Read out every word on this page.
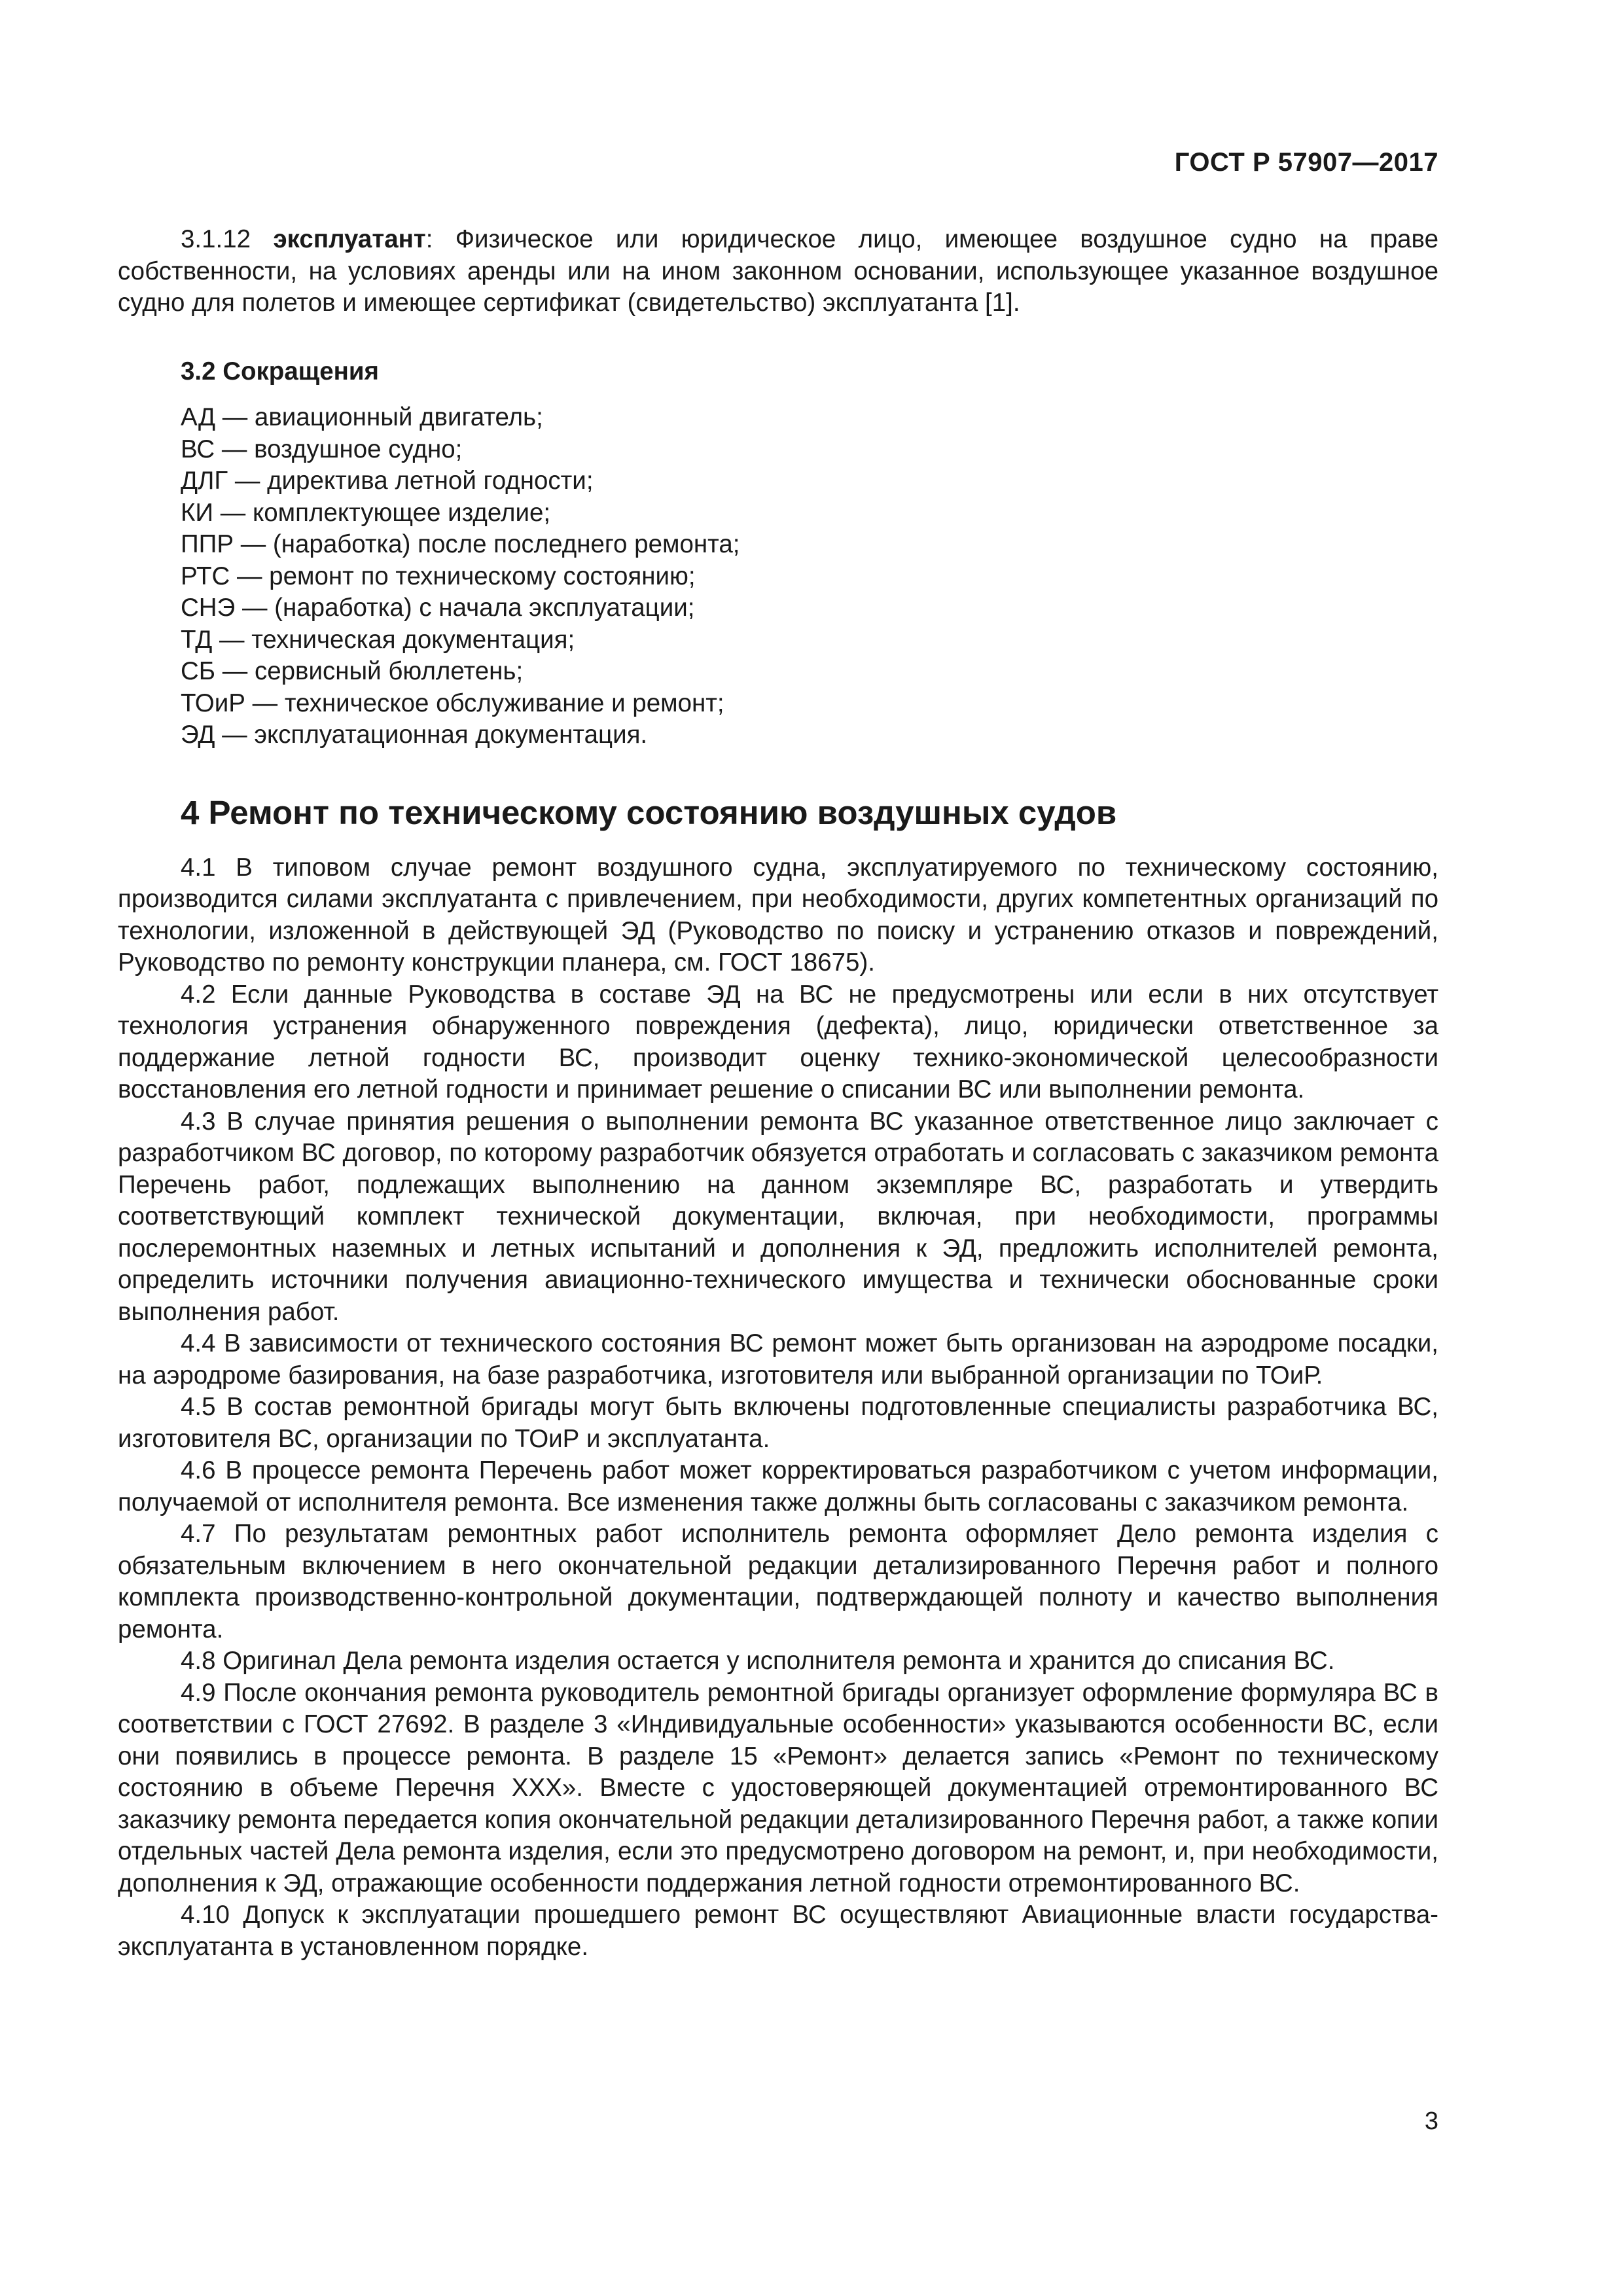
ГОСТ Р 57907—2017

3.1.12 эксплуатант: Физическое или юридическое лицо, имеющее воздушное судно на праве собственности, на условиях аренды или на ином законном основании, использующее указанное воздушное судно для полетов и имеющее сертификат (свидетельство) эксплуатанта [1].

3.2 Сокращения
АД — авиационный двигатель;
ВС — воздушное судно;
ДЛГ — директива летной годности;
КИ — комплектующее изделие;
ППР — (наработка) после последнего ремонта;
РТС — ремонт по техническому состоянию;
СНЭ — (наработка) с начала эксплуатации;
ТД — техническая документация;
СБ — сервисный бюллетень;
ТОиР — техническое обслуживание и ремонт;
ЭД — эксплуатационная документация.
4 Ремонт по техническому состоянию воздушных судов

4.1 В типовом случае ремонт воздушного судна, эксплуатируемого по техническому состоянию, производится силами эксплуатанта с привлечением, при необходимости, других компетентных организаций по технологии, изложенной в действующей ЭД (Руководство по поиску и устранению отказов и повреждений, Руководство по ремонту конструкции планера, см. ГОСТ 18675).

4.2 Если данные Руководства в составе ЭД на ВС не предусмотрены или если в них отсутствует технология устранения обнаруженного повреждения (дефекта), лицо, юридически ответственное за поддержание летной годности ВС, производит оценку технико-экономической целесообразности восстановления его летной годности и принимает решение о списании ВС или выполнении ремонта.

4.3 В случае принятия решения о выполнении ремонта ВС указанное ответственное лицо заключает с разработчиком ВС договор, по которому разработчик обязуется отработать и согласовать с заказчиком ремонта Перечень работ, подлежащих выполнению на данном экземпляре ВС, разработать и утвердить соответствующий комплект технической документации, включая, при необходимости, программы послеремонтных наземных и летных испытаний и дополнения к ЭД, предложить исполнителей ремонта, определить источники получения авиационно-технического имущества и технически обоснованные сроки выполнения работ.

4.4 В зависимости от технического состояния ВС ремонт может быть организован на аэродроме посадки, на аэродроме базирования, на базе разработчика, изготовителя или выбранной организации по ТОиР.

4.5 В состав ремонтной бригады могут быть включены подготовленные специалисты разработчика ВС, изготовителя ВС, организации по ТОиР и эксплуатанта.

4.6 В процессе ремонта Перечень работ может корректироваться разработчиком с учетом информации, получаемой от исполнителя ремонта. Все изменения также должны быть согласованы с заказчиком ремонта.

4.7 По результатам ремонтных работ исполнитель ремонта оформляет Дело ремонта изделия с обязательным включением в него окончательной редакции детализированного Перечня работ и полного комплекта производственно-контрольной документации, подтверждающей полноту и качество выполнения ремонта.

4.8 Оригинал Дела ремонта изделия остается у исполнителя ремонта и хранится до списания ВС.

4.9 После окончания ремонта руководитель ремонтной бригады организует оформление формуляра ВС в соответствии с ГОСТ 27692. В разделе 3 «Индивидуальные особенности» указываются особенности ВС, если они появились в процессе ремонта. В разделе 15 «Ремонт» делается запись «Ремонт по техническому состоянию в объеме Перечня ХХХ». Вместе с удостоверяющей документацией отремонтированного ВС заказчику ремонта передается копия окончательной редакции детализированного Перечня работ, а также копии отдельных частей Дела ремонта изделия, если это предусмотрено договором на ремонт, и, при необходимости, дополнения к ЭД, отражающие особенности поддержания летной годности отремонтированного ВС.

4.10 Допуск к эксплуатации прошедшего ремонт ВС осуществляют Авиационные власти государства-эксплуатанта в установленном порядке.

3
